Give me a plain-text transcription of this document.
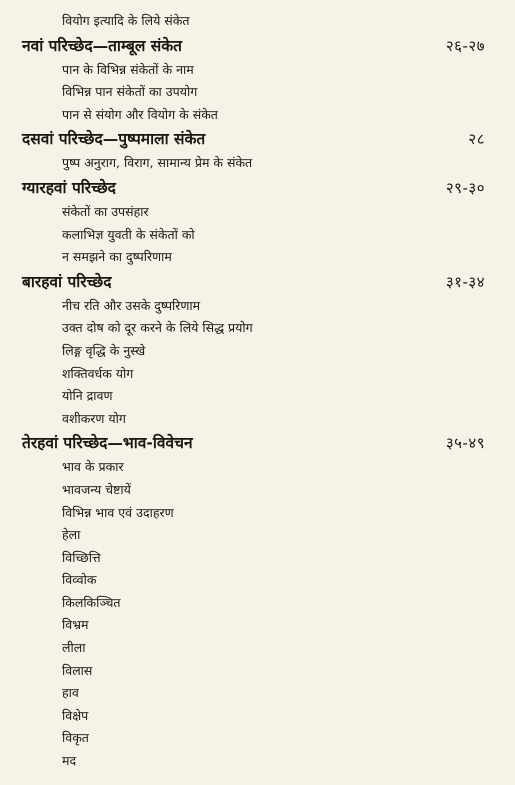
वियोग इत्यादि के लिये संकेत
नवां परिच्छेद—ताम्बूल संकेत	२६-२७
पान के विभिन्न संकेतों के नाम
विभिन्न पान संकेतों का उपयोग
पान से संयोग और वियोग के संकेत
दसवां परिच्छेद—पुष्पमाला संकेत	२८
पुष्प अनुराग, विराग, सामान्य प्रेम के संकेत
ग्यारहवां परिच्छेद	२९-३०
संकेतों का उपसंहार
कलाभिज्ञ युवती के संकेतों को
न समझने का दुष्परिणाम
बारहवां परिच्छेद	३१-३४
नीच रति और उसके दुष्परिणाम
उक्त दोष को दूर करने के लिये सिद्ध प्रयोग
लिङ्ग वृद्धि के नुस्खे
शक्तिवर्धक योग
योनि द्रावण
वशीकरण योग
तेरहवां परिच्छेद—भाव-विवेचन	३५-४९
भाव के प्रकार
भावजन्य चेष्टायें
विभिन्न भाव एवं उदाहरण
हेला
विच्छित्ति
विव्वोक
किलकिञ्चित
विभ्रम
लीला
विलास
हाव
विक्षेप
विकृत
मद
